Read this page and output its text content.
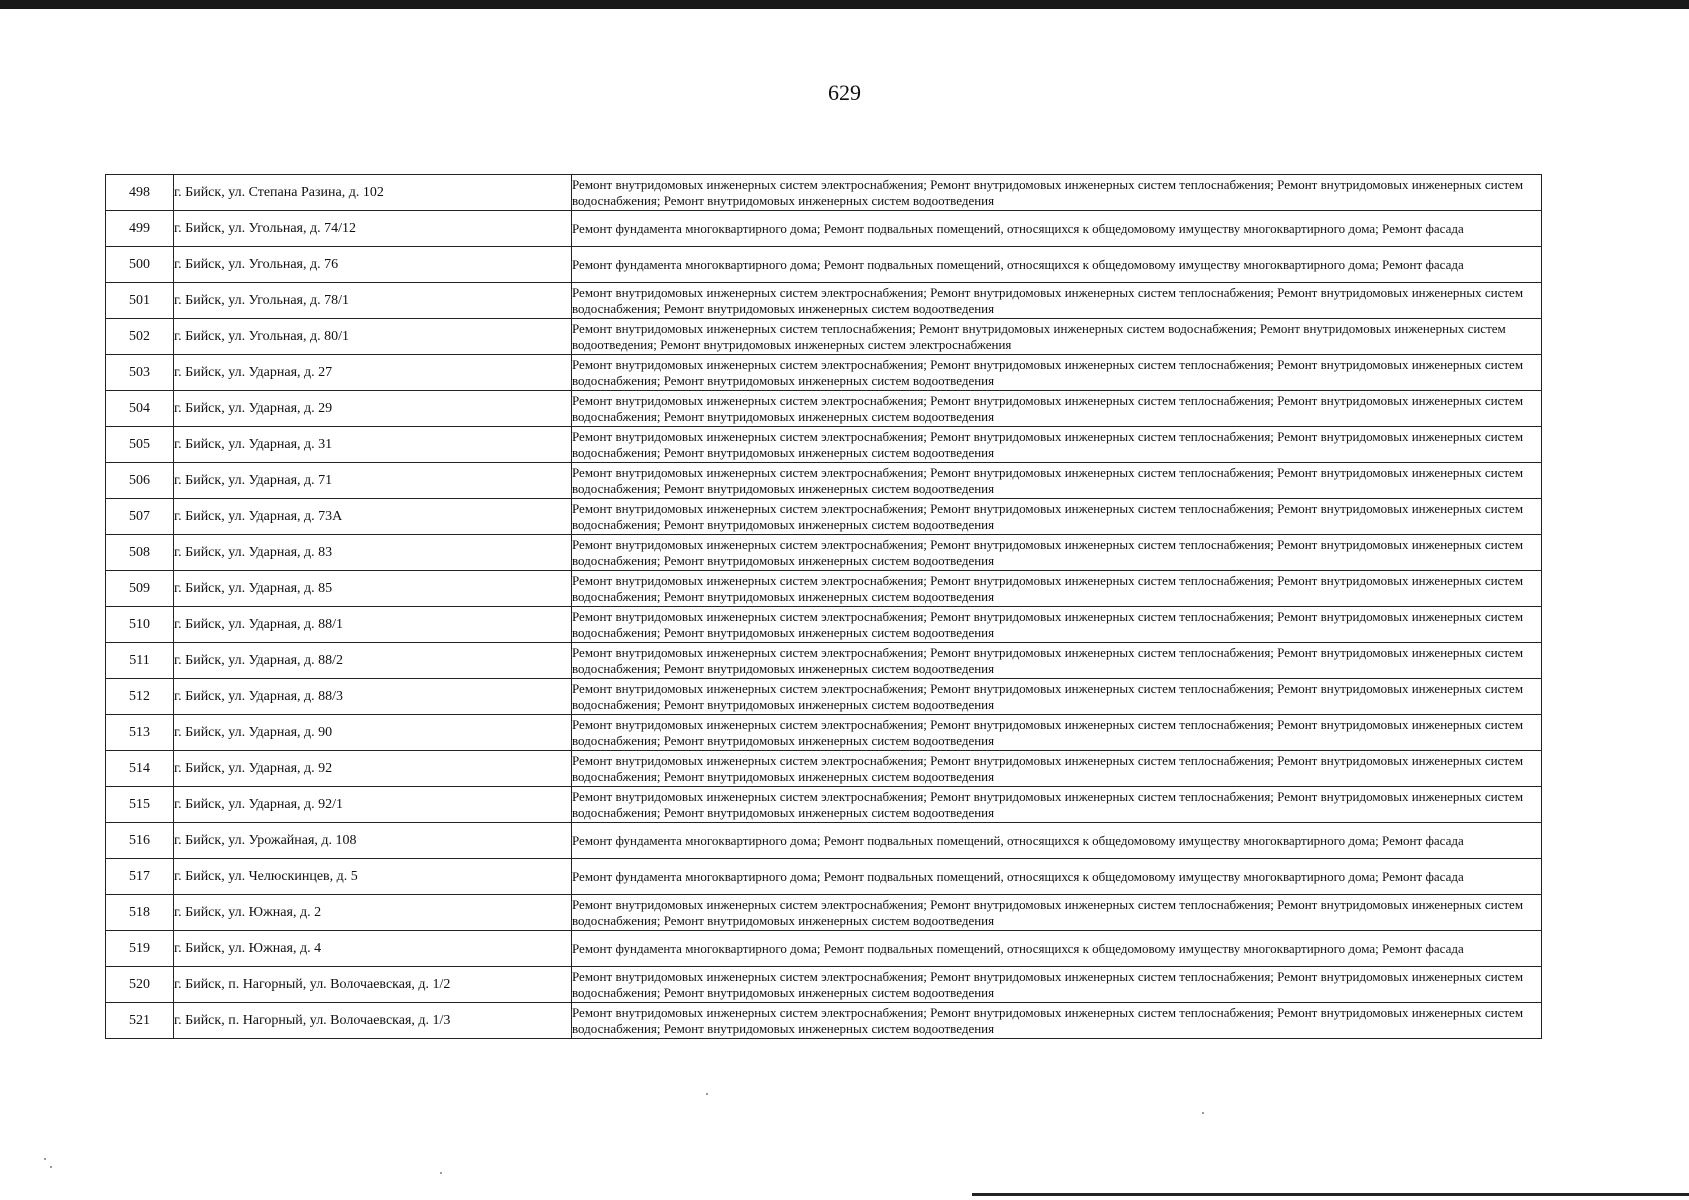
629
498	г. Бийск, ул. Степана Разина, д. 102	Ремонт внутридомовых инженерных систем электроснабжения; Ремонт внутридомовых инженерных систем теплоснабжения; Ремонт внутридомовых инженерных систем водоснабжения; Ремонт внутридомовых инженерных систем водоотведения
499	г. Бийск, ул. Угольная, д. 74/12	Ремонт фундамента многоквартирного дома; Ремонт подвальных помещений, относящихся к общедомовому имуществу многоквартирного дома; Ремонт фасада
500	г. Бийск, ул. Угольная, д. 76	Ремонт фундамента многоквартирного дома; Ремонт подвальных помещений, относящихся к общедомовому имуществу многоквартирного дома; Ремонт фасада
501	г. Бийск, ул. Угольная, д. 78/1	Ремонт внутридомовых инженерных систем электроснабжения; Ремонт внутридомовых инженерных систем теплоснабжения; Ремонт внутридомовых инженерных систем водоснабжения; Ремонт внутридомовых инженерных систем водоотведения
502	г. Бийск, ул. Угольная, д. 80/1	Ремонт внутридомовых инженерных систем теплоснабжения; Ремонт внутридомовых инженерных систем водоснабжения; Ремонт внутридомовых инженерных систем водоотведения; Ремонт внутридомовых инженерных систем электроснабжения
503	г. Бийск, ул. Ударная, д. 27	Ремонт внутридомовых инженерных систем электроснабжения; Ремонт внутридомовых инженерных систем теплоснабжения; Ремонт внутридомовых инженерных систем водоснабжения; Ремонт внутридомовых инженерных систем водоотведения
504	г. Бийск, ул. Ударная, д. 29	Ремонт внутридомовых инженерных систем электроснабжения; Ремонт внутридомовых инженерных систем теплоснабжения; Ремонт внутридомовых инженерных систем водоснабжения; Ремонт внутридомовых инженерных систем водоотведения
505	г. Бийск, ул. Ударная, д. 31	Ремонт внутридомовых инженерных систем электроснабжения; Ремонт внутридомовых инженерных систем теплоснабжения; Ремонт внутридомовых инженерных систем водоснабжения; Ремонт внутридомовых инженерных систем водоотведения
506	г. Бийск, ул. Ударная, д. 71	Ремонт внутридомовых инженерных систем электроснабжения; Ремонт внутридомовых инженерных систем теплоснабжения; Ремонт внутридомовых инженерных систем водоснабжения; Ремонт внутридомовых инженерных систем водоотведения
507	г. Бийск, ул. Ударная, д. 73А	Ремонт внутридомовых инженерных систем электроснабжения; Ремонт внутридомовых инженерных систем теплоснабжения; Ремонт внутридомовых инженерных систем водоснабжения; Ремонт внутридомовых инженерных систем водоотведения
508	г. Бийск, ул. Ударная, д. 83	Ремонт внутридомовых инженерных систем электроснабжения; Ремонт внутридомовых инженерных систем теплоснабжения; Ремонт внутридомовых инженерных систем водоснабжения; Ремонт внутридомовых инженерных систем водоотведения
509	г. Бийск, ул. Ударная, д. 85	Ремонт внутридомовых инженерных систем электроснабжения; Ремонт внутридомовых инженерных систем теплоснабжения; Ремонт внутридомовых инженерных систем водоснабжения; Ремонт внутридомовых инженерных систем водоотведения
510	г. Бийск, ул. Ударная, д. 88/1	Ремонт внутридомовых инженерных систем электроснабжения; Ремонт внутридомовых инженерных систем теплоснабжения; Ремонт внутридомовых инженерных систем водоснабжения; Ремонт внутридомовых инженерных систем водоотведения
511	г. Бийск, ул. Ударная, д. 88/2	Ремонт внутридомовых инженерных систем электроснабжения; Ремонт внутридомовых инженерных систем теплоснабжения; Ремонт внутридомовых инженерных систем водоснабжения; Ремонт внутридомовых инженерных систем водоотведения
512	г. Бийск, ул. Ударная, д. 88/3	Ремонт внутридомовых инженерных систем электроснабжения; Ремонт внутридомовых инженерных систем теплоснабжения; Ремонт внутридомовых инженерных систем водоснабжения; Ремонт внутридомовых инженерных систем водоотведения
513	г. Бийск, ул. Ударная, д. 90	Ремонт внутридомовых инженерных систем электроснабжения; Ремонт внутридомовых инженерных систем теплоснабжения; Ремонт внутридомовых инженерных систем водоснабжения; Ремонт внутридомовых инженерных систем водоотведения
514	г. Бийск, ул. Ударная, д. 92	Ремонт внутридомовых инженерных систем электроснабжения; Ремонт внутридомовых инженерных систем теплоснабжения; Ремонт внутридомовых инженерных систем водоснабжения; Ремонт внутридомовых инженерных систем водоотведения
515	г. Бийск, ул. Ударная, д. 92/1	Ремонт внутридомовых инженерных систем электроснабжения; Ремонт внутридомовых инженерных систем теплоснабжения; Ремонт внутридомовых инженерных систем водоснабжения; Ремонт внутридомовых инженерных систем водоотведения
516	г. Бийск, ул. Урожайная, д. 108	Ремонт фундамента многоквартирного дома; Ремонт подвальных помещений, относящихся к общедомовому имуществу многоквартирного дома; Ремонт фасада
517	г. Бийск, ул. Челюскинцев, д. 5	Ремонт фундамента многоквартирного дома; Ремонт подвальных помещений, относящихся к общедомовому имуществу многоквартирного дома; Ремонт фасада
518	г. Бийск, ул. Южная, д. 2	Ремонт внутридомовых инженерных систем электроснабжения; Ремонт внутридомовых инженерных систем теплоснабжения; Ремонт внутридомовых инженерных систем водоснабжения; Ремонт внутридомовых инженерных систем водоотведения
519	г. Бийск, ул. Южная, д. 4	Ремонт фундамента многоквартирного дома; Ремонт подвальных помещений, относящихся к общедомовому имуществу многоквартирного дома; Ремонт фасада
520	г. Бийск, п. Нагорный, ул. Волочаевская, д. 1/2	Ремонт внутридомовых инженерных систем электроснабжения; Ремонт внутридомовых инженерных систем теплоснабжения; Ремонт внутридомовых инженерных систем водоснабжения; Ремонт внутридомовых инженерных систем водоотведения
521	г. Бийск, п. Нагорный, ул. Волочаевская, д. 1/3	Ремонт внутридомовых инженерных систем электроснабжения; Ремонт внутридомовых инженерных систем теплоснабжения; Ремонт внутридомовых инженерных систем водоснабжения; Ремонт внутридомовых инженерных систем водоотведения
